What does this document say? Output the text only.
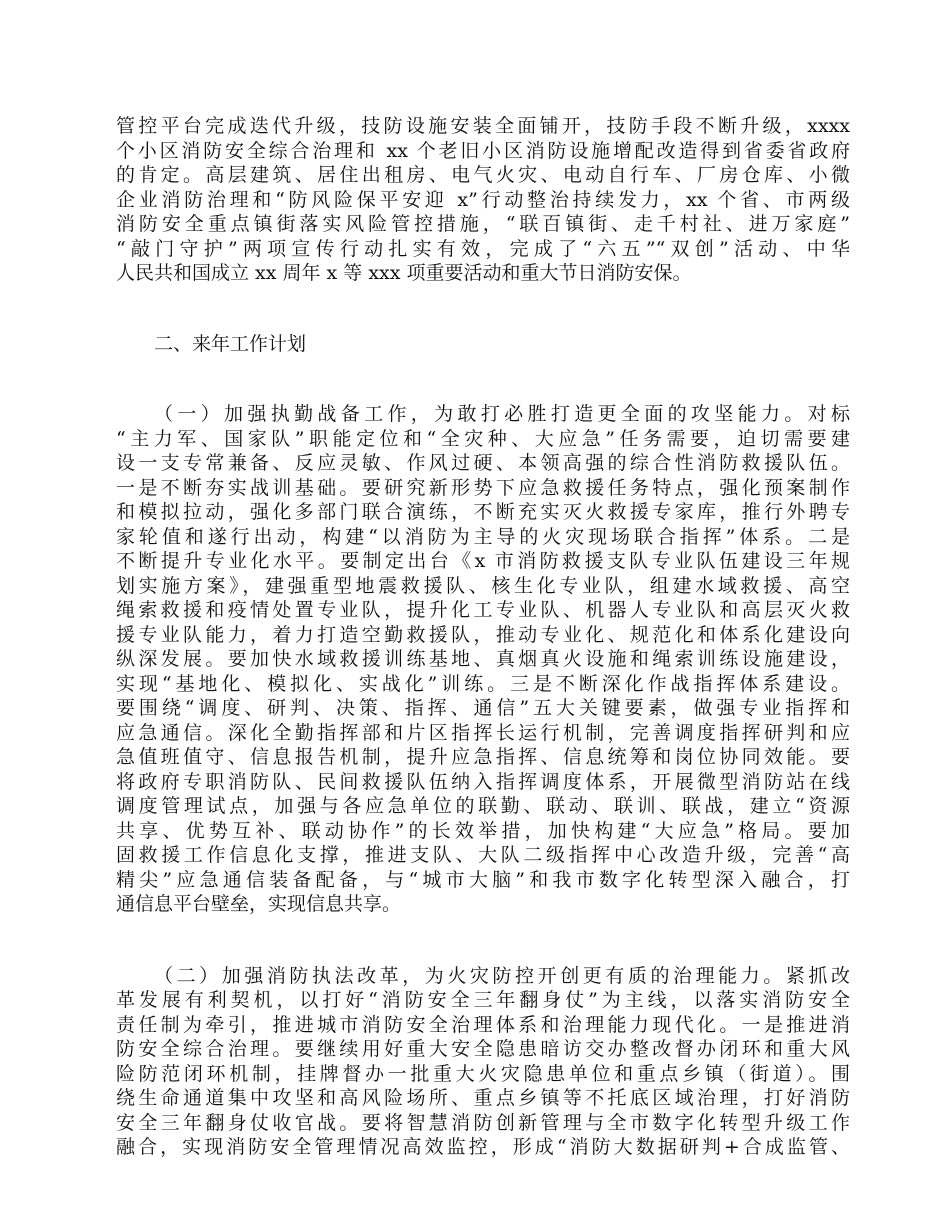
管控平台完成迭代升级，技防设施安装全面铺开，技防手段不断升级，xxxx
个小区消防安全综合治理和 xx 个老旧小区消防设施增配改造得到省委省政府
的肯定。高层建筑、居住出租房、电气火灾、电动自行车、厂房仓库、小微
企业消防治理和“防风险保平安迎 x”行动整治持续发力，xx 个省、市两级
消防安全重点镇街落实风险管控措施，“联百镇街、走千村社、进万家庭”
“敲门守护”两项宣传行动扎实有效，完成了“六五”“双创”活动、中华
人民共和国成立 xx 周年 x 等 xxx 项重要活动和重大节日消防安保。
二、来年工作计划
（一）加强执勤战备工作，为敢打必胜打造更全面的攻坚能力。对标
“主力军、国家队”职能定位和“全灾种、大应急”任务需要，迫切需要建
设一支专常兼备、反应灵敏、作风过硬、本领高强的综合性消防救援队伍。
一是不断夯实战训基础。要研究新形势下应急救援任务特点，强化预案制作
和模拟拉动，强化多部门联合演练，不断充实灭火救援专家库，推行外聘专
家轮值和遂行出动，构建“以消防为主导的火灾现场联合指挥”体系。二是
不断提升专业化水平。要制定出台《x 市消防救援支队专业队伍建设三年规
划实施方案》，建强重型地震救援队、核生化专业队，组建水域救援、高空
绳索救援和疫情处置专业队，提升化工专业队、机器人专业队和高层灭火救
援专业队能力，着力打造空勤救援队，推动专业化、规范化和体系化建设向
纵深发展。要加快水域救援训练基地、真烟真火设施和绳索训练设施建设，
实现“基地化、模拟化、实战化”训练。三是不断深化作战指挥体系建设。
要围绕“调度、研判、决策、指挥、通信”五大关键要素，做强专业指挥和
应急通信。深化全勤指挥部和片区指挥长运行机制，完善调度指挥研判和应
急值班值守、信息报告机制，提升应急指挥、信息统筹和岗位协同效能。要
将政府专职消防队、民间救援队伍纳入指挥调度体系，开展微型消防站在线
调度管理试点，加强与各应急单位的联勤、联动、联训、联战，建立“资源
共享、优势互补、联动协作”的长效举措，加快构建“大应急”格局。要加
固救援工作信息化支撑，推进支队、大队二级指挥中心改造升级，完善“高
精尖”应急通信装备配备，与“城市大脑”和我市数字化转型深入融合，打
通信息平台壁垒，实现信息共享。
（二）加强消防执法改革，为火灾防控开创更有质的治理能力。紧抓改
革发展有利契机，以打好“消防安全三年翻身仗”为主线，以落实消防安全
责任制为牵引，推进城市消防安全治理体系和治理能力现代化。一是推进消
防安全综合治理。要继续用好重大安全隐患暗访交办整改督办闭环和重大风
险防范闭环机制，挂牌督办一批重大火灾隐患单位和重点乡镇（街道）。围
绕生命通道集中攻坚和高风险场所、重点乡镇等不托底区域治理，打好消防
安全三年翻身仗收官战。要将智慧消防创新管理与全市数字化转型升级工作
融合，实现消防安全管理情况高效监控，形成“消防大数据研判+合成监管、
